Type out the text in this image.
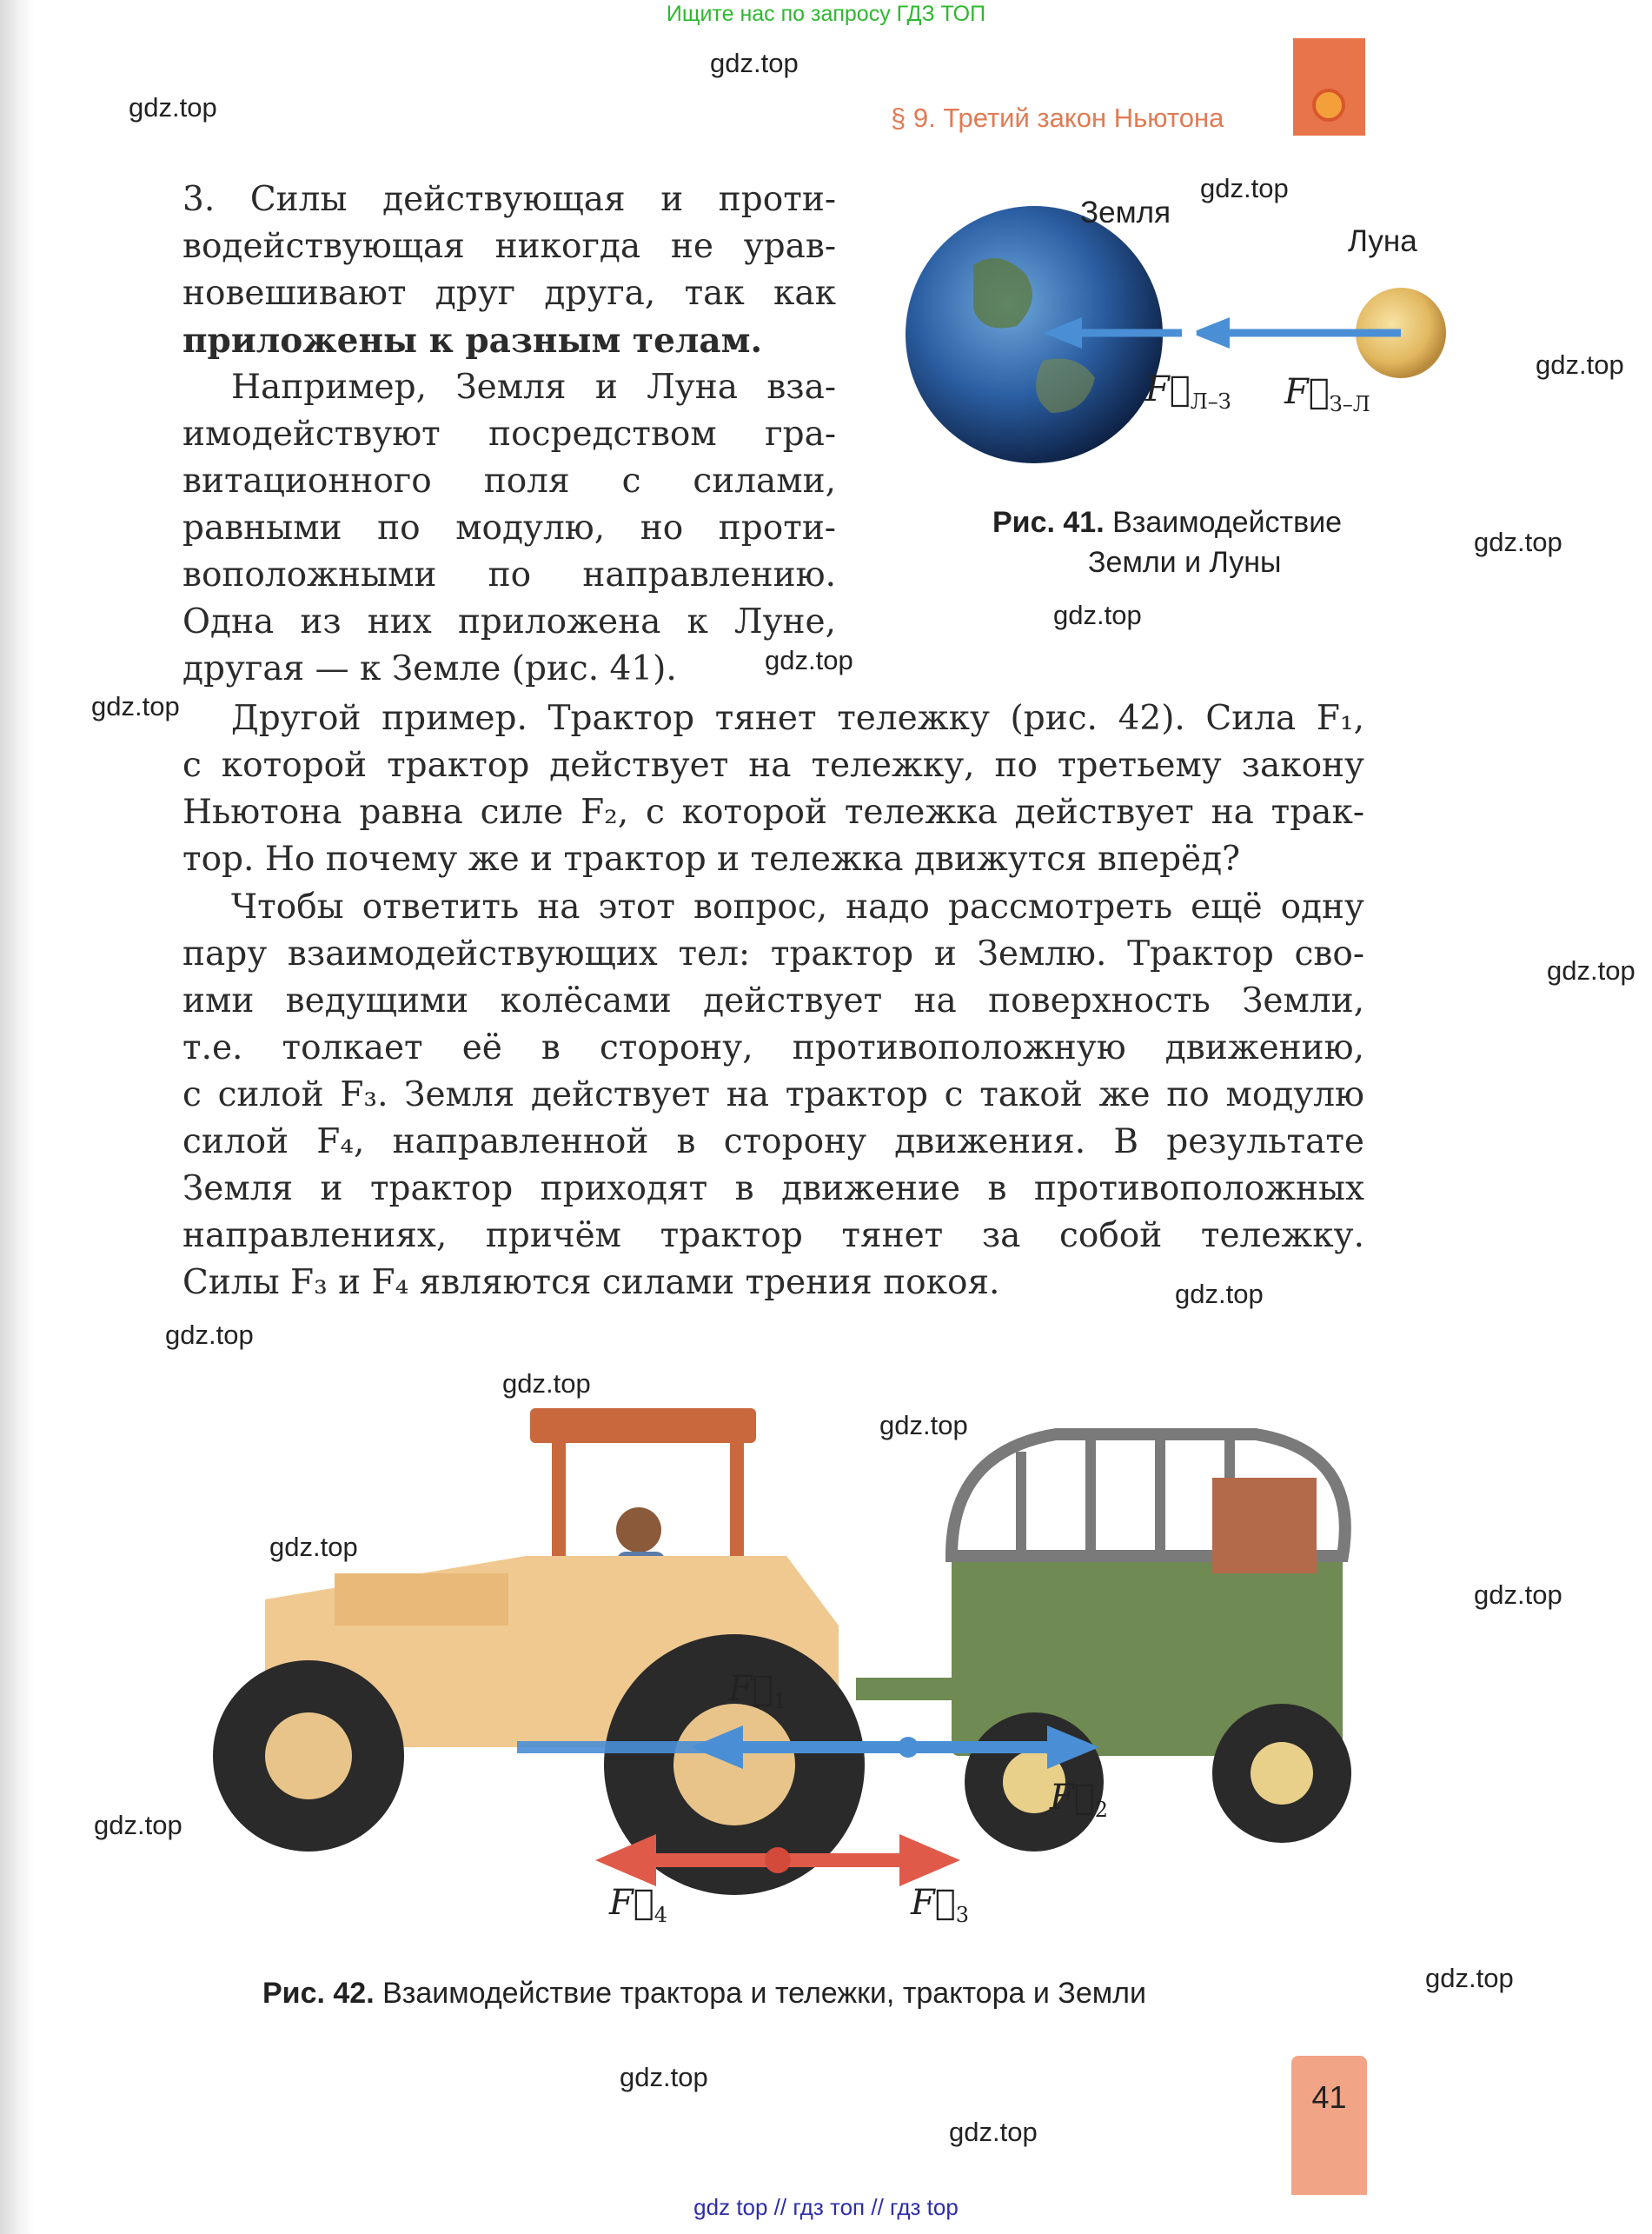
Ищите нас по запросу ГДЗ ТОП
§ 9. Третий закон Ньютона
3. Силы действующая и проти-
водействующая никогда не урав-
новешивают друг друга, так как
приложены к разным телам.
Например, Земля и Луна вза-
имодействуют посредством гра-
витационного поля с силами,
равными по модулю, но проти-
воположными по направлению.
Одна из них приложена к Луне,
другая — к Земле (рис. 41).
Земля
Луна
$F⃗_{Л-З}$ $F⃗_{З-Л}$
Рис. 41. Взаимодействие
Земли и Луны
Другой пример. Трактор тянет тележку (рис. 42). Сила F₁,
с которой трактор действует на тележку, по третьему закону
Ньютона равна силе F₂, с которой тележка действует на трак-
тор. Но почему же и трактор и тележка движутся вперёд?
Чтобы ответить на этот вопрос, надо рассмотреть ещё одну
пару взаимодействующих тел: трактор и Землю. Трактор сво-
ими ведущими колёсами действует на поверхность Земли,
т.е. толкает её в сторону, противоположную движению,
с силой F₃. Земля действует на трактор с такой же по модулю
силой F₄, направленной в сторону движения. В результате
Земля и трактор приходят в движение в противоположных
направлениях, причём трактор тянет за собой тележку.
Силы F₃ и F₄ являются силами трения покоя.
$F⃗_1$
$F⃗_2$
$F⃗_4$	$F⃗_3$
Рис. 42. Взаимодействие трактора и тележки, трактора и Земли
41
gdz.top
gdz.top
gdz.top
gdz.top
gdz.top
gdz.top
gdz.top
gdz.top
gdz.top
gdz.top
gdz.top
gdz.top
gdz.top
gdz.top
gdz.top
gdz.top
gdz.top
gdz.top
gdz.top
gdz top // гдз топ // гдз top
